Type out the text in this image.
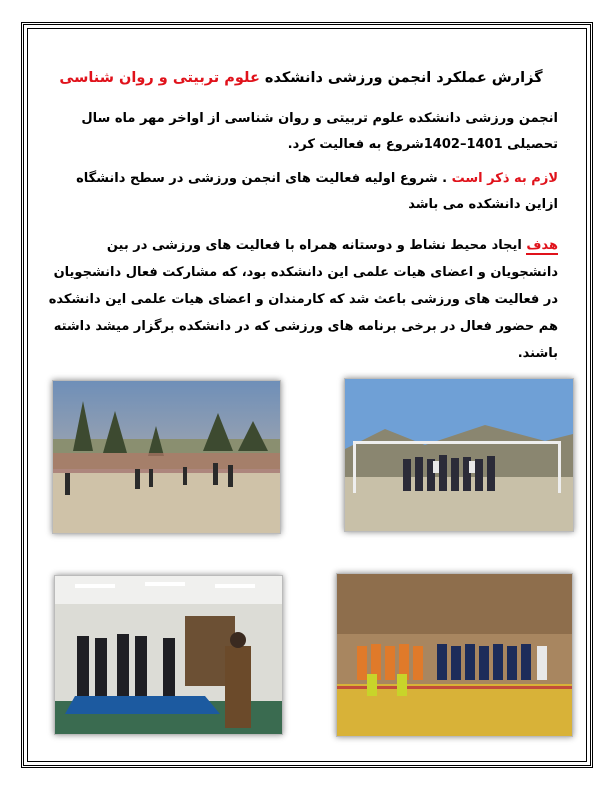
گزارش عملکرد انجمن ورزشی دانشکده علوم تربیتی و روان شناسی
انجمن ورزشی دانشکده علوم تربیتی و روان شناسی از اواخر مهر ماه سال تحصیلی 1401–1402شروع به فعالیت کرد.
لازم به ذکر است . شروع اولیه فعالیت های انجمن ورزشی در سطح دانشگاه ازاین دانشکده می باشد
هدف ایجاد محیط نشاط و دوستانه همراه با فعالیت های ورزشی در بین دانشجویان و اعضای هیات علمی این دانشکده بود، که مشارکت فعال دانشجویان در فعالیت های ورزشی باعث شد که کارمندان و اعضای هیات علمی این دانشکده هم حضور فعال در برخی برنامه های ورزشی که در دانشکده برگزار میشد داشته باشند.
